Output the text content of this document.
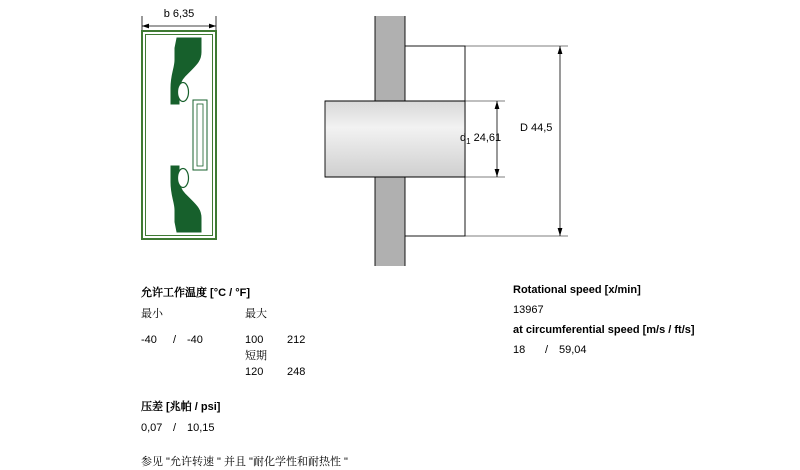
b 6,35
$d_1$ 24,61
D 44,5
允许工作温度 [°C / °F]
最小	最大
-40 / -40	100 212
短期
120 248
压差 [兆帕 / psi]
0,07 / 10,15
参见 "允许转速 " 并且 "耐化学性和耐热性 "
Rotational speed [x/min]
13967
at circumferential speed [m/s / ft/s]
18 / 59,04
